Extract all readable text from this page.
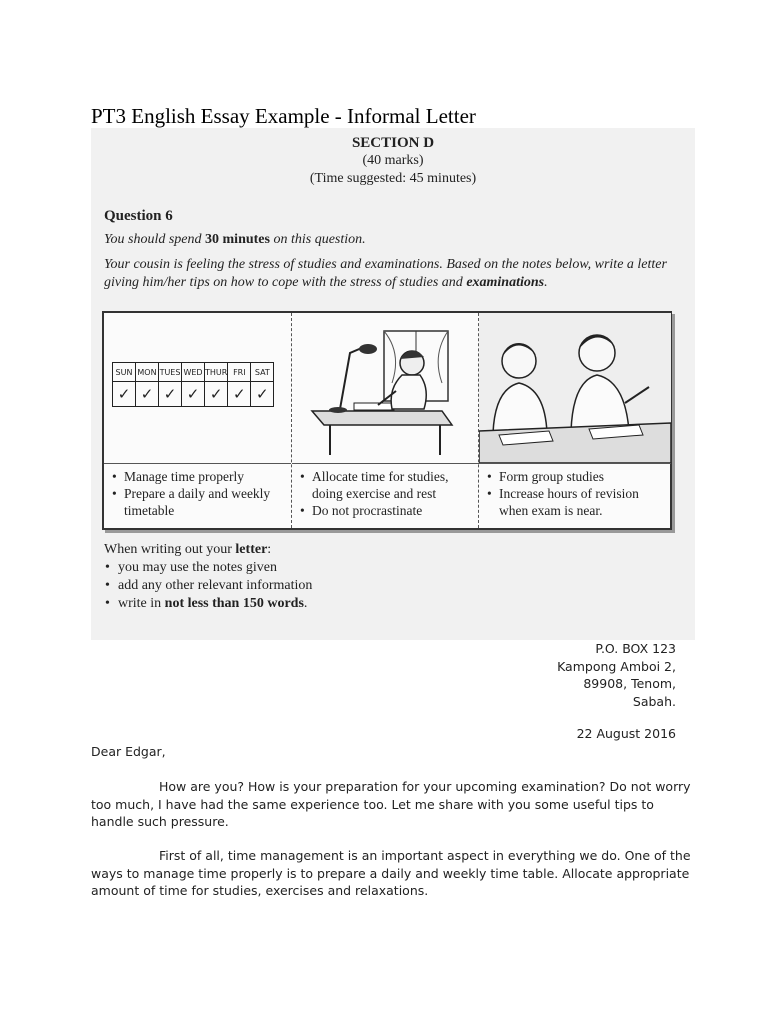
PT3 English Essay Example - Informal Letter
SECTION D
(40 marks)
(Time suggested: 45 minutes)
Question 6
You should spend 30 minutes on this question.
Your cousin is feeling the stress of studies and examinations. Based on the notes below, write a letter giving him/her tips on how to cope with the stress of studies and examinations.
SUN	MON	TUES	WED	THUR	FRI	SAT
✓	✓	✓	✓	✓	✓	✓
• Manage time properly
• Prepare a daily and weekly timetable
• Allocate time for studies, doing exercise and rest
• Do not procrastinate
• Form group studies
• Increase hours of revision when exam is near.
When writing out your letter:
• you may use the notes given
• add any other relevant information
• write in not less than 150 words.
P.O. BOX 123
Kampong Amboi 2,
89908, Tenom,
Sabah.
22 August 2016
Dear Edgar,

How are you? How is your preparation for your upcoming examination? Do not worry too much, I have had the same experience too. Let me share with you some useful tips to handle such pressure.

First of all, time management is an important aspect in everything we do. One of the ways to manage time properly is to prepare a daily and weekly time table. Allocate appropriate amount of time for studies, exercises and relaxations.
